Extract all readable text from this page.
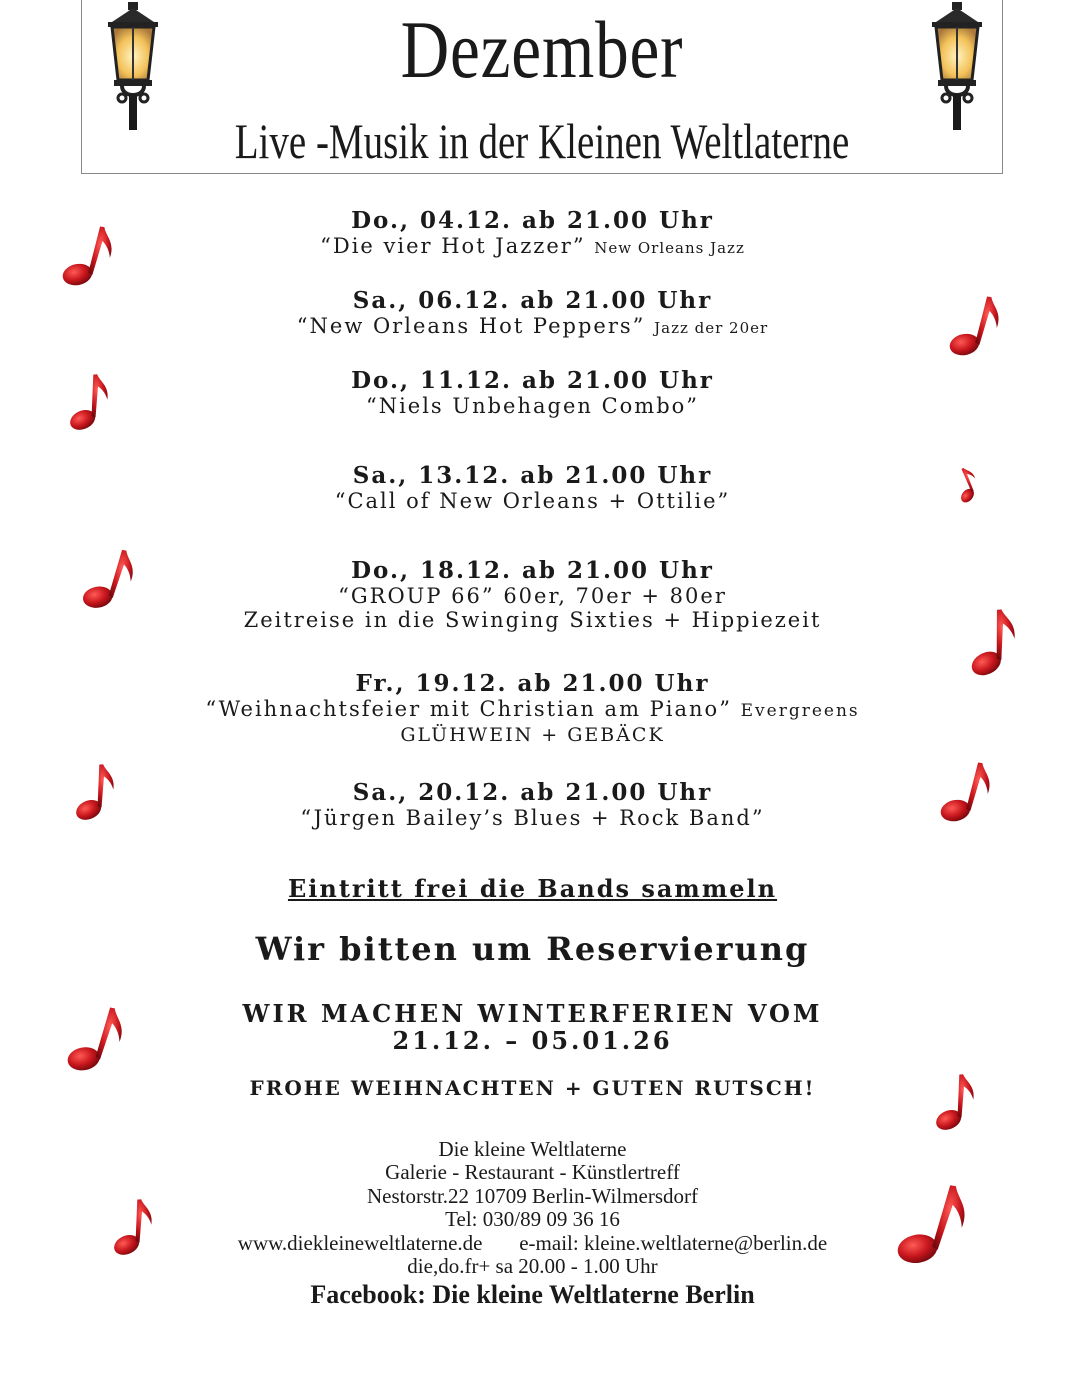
Dezember
Live -Musik in der Kleinen Weltlaterne
Do., 04.12. ab 21.00 Uhr
“Die vier Hot Jazzer” New Orleans Jazz
Sa., 06.12. ab 21.00 Uhr
“New Orleans Hot Peppers” Jazz der 20er
Do., 11.12. ab 21.00 Uhr
“Niels Unbehagen Combo”
Sa., 13.12. ab 21.00 Uhr
“Call of New Orleans + Ottilie”
Do., 18.12. ab 21.00 Uhr
“GROUP 66” 60er, 70er + 80er
Zeitreise in die Swinging Sixties + Hippiezeit
Fr., 19.12. ab 21.00 Uhr
“Weihnachtsfeier mit Christian am Piano” Evergreens
GLÜHWEIN + GEBÄCK
Sa., 20.12. ab 21.00 Uhr
“Jürgen Bailey’s Blues + Rock Band”
Eintritt frei die Bands sammeln
Wir bitten um Reservierung
WIR MACHEN WINTERFERIEN VOM
21.12. – 05.01.26
FROHE WEIHNACHTEN + GUTEN RUTSCH!
Die kleine Weltlaterne
Galerie - Restaurant - Künstlertreff
Nestorstr.22 10709 Berlin-Wilmersdorf
Tel: 030/89 09 36 16
www.diekleineweltlaterne.de e-mail: kleine.weltlaterne@berlin.de
die,do.fr+ sa 20.00 - 1.00 Uhr
Facebook: Die kleine Weltlaterne Berlin
